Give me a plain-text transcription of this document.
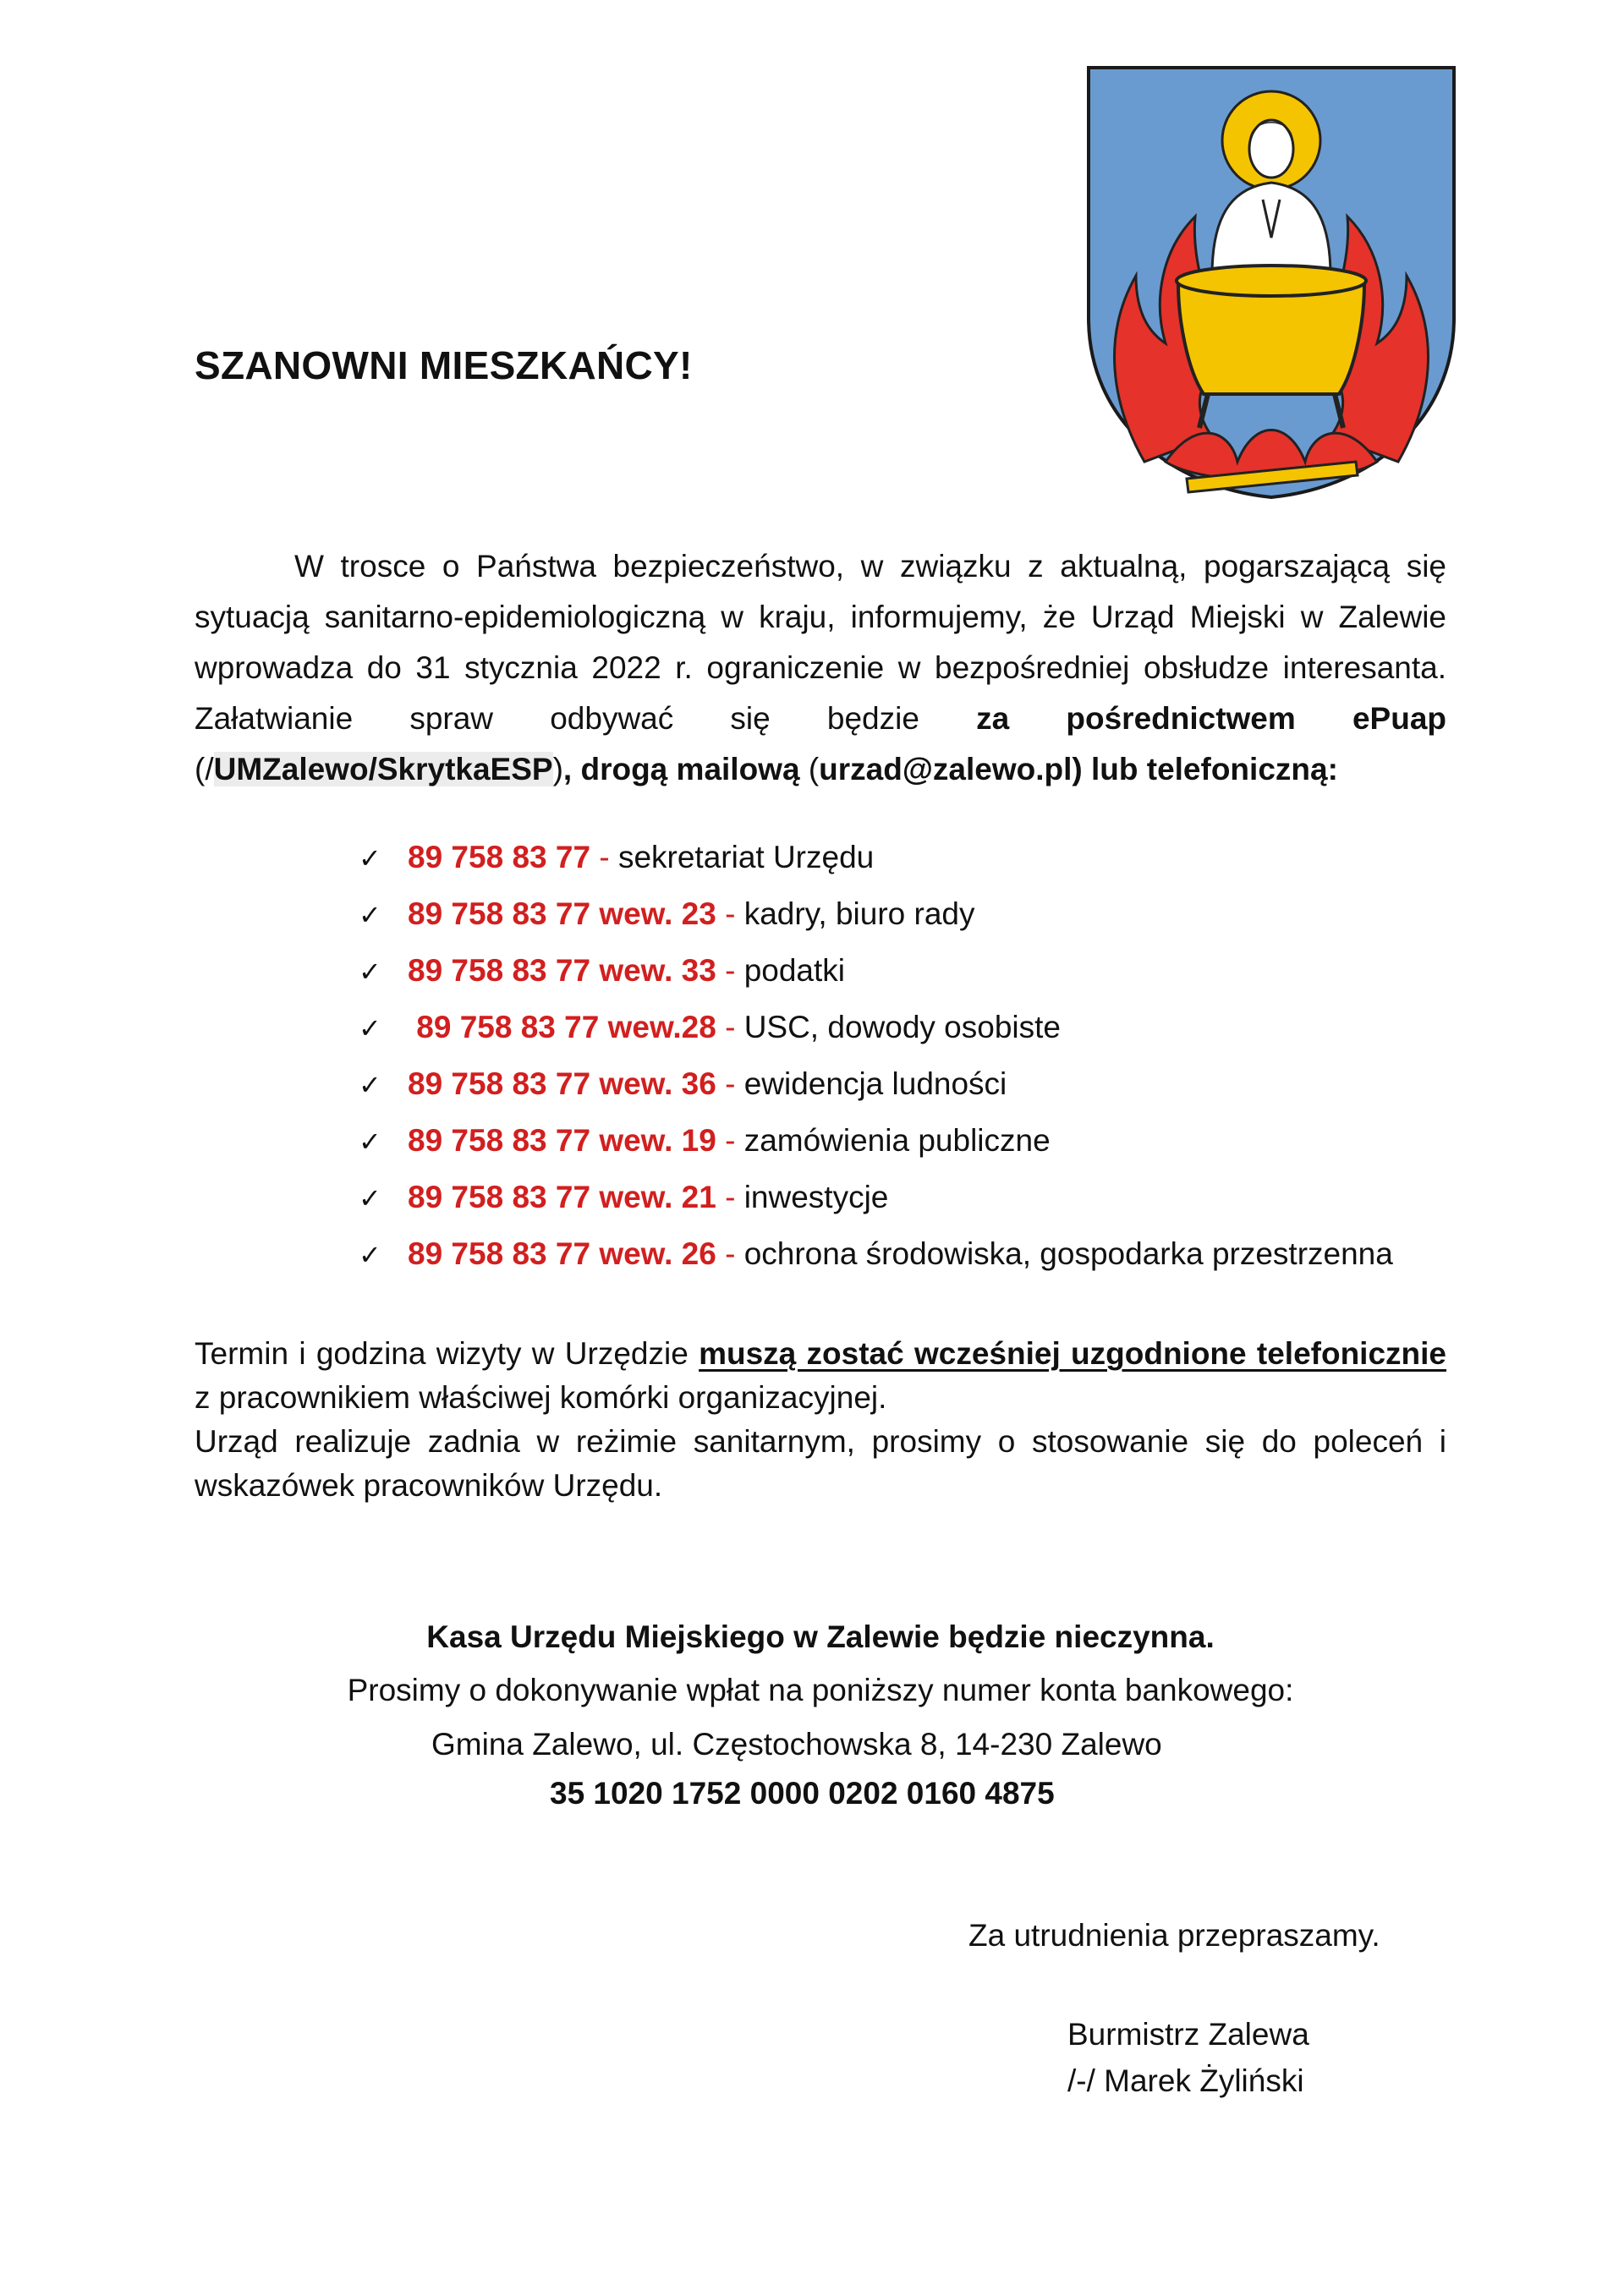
SZANOWNI MIESZKAŃCY!
W trosce o Państwa bezpieczeństwo, w związku z aktualną, pogarszającą się sytuacją sanitarno-epidemiologiczną w kraju, informujemy, że Urząd Miejski w Zalewie wprowadza do 31 stycznia 2022 r. ograniczenie w bezpośredniej obsłudze interesanta. Załatwianie spraw odbywać się będzie za pośrednictwem ePuap (/UMZalewo/SkrytkaESP), drogą mailową (urzad@zalewo.pl) lub telefoniczną:
✓ 89 758 83 77 - sekretariat Urzędu
✓ 89 758 83 77 wew. 23 - kadry, biuro rady
✓ 89 758 83 77 wew. 33 - podatki
✓ 89 758 83 77 wew.28 - USC, dowody osobiste
✓ 89 758 83 77 wew. 36 - ewidencja ludności
✓ 89 758 83 77 wew. 19 - zamówienia publiczne
✓ 89 758 83 77 wew. 21 - inwestycje
✓ 89 758 83 77 wew. 26 - ochrona środowiska, gospodarka przestrzenna
Termin i godzina wizyty w Urzędzie muszą zostać wcześniej uzgodnione telefonicznie z pracownikiem właściwej komórki organizacyjnej.
Urząd realizuje zadnia w reżimie sanitarnym, prosimy o stosowanie się do poleceń i wskazówek pracowników Urzędu.
Kasa Urzędu Miejskiego w Zalewie będzie nieczynna.
Prosimy o dokonywanie wpłat na poniższy numer konta bankowego:
Gmina Zalewo, ul. Częstochowska 8, 14-230 Zalewo
35 1020 1752 0000 0202 0160 4875
Za utrudnienia przepraszamy.
Burmistrz Zalewa
/-/ Marek Żyliński
